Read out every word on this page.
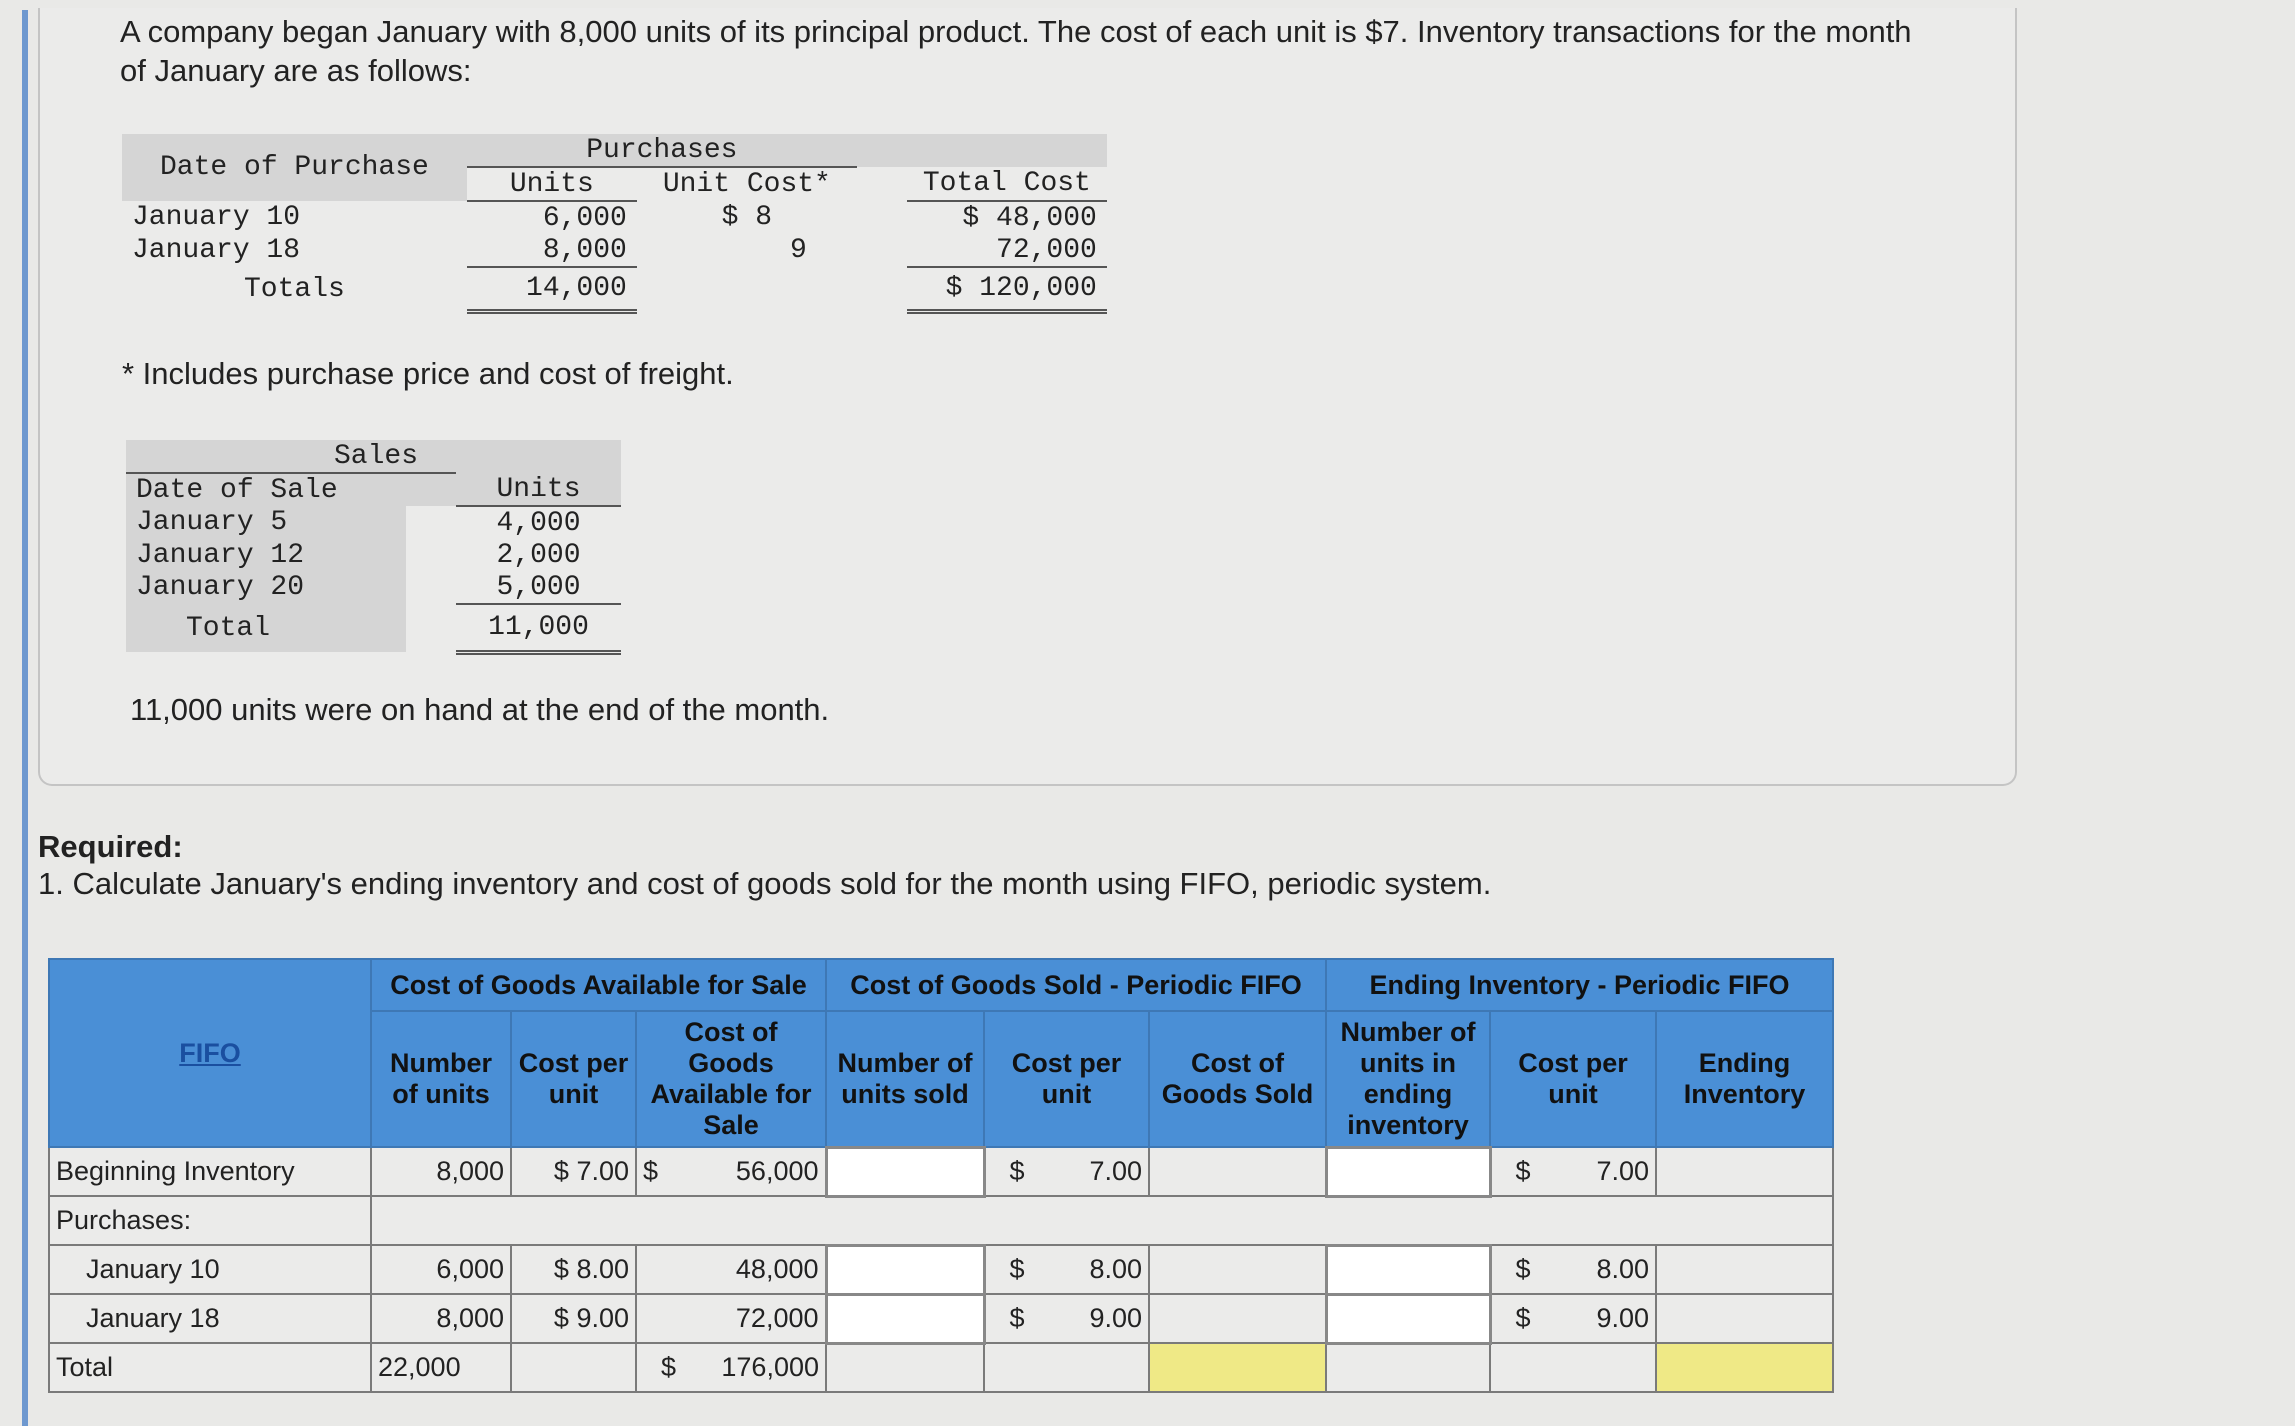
A company began January with 8,000 units of its principal product. The cost of each unit is $7. Inventory transactions for the month of January are as follows:
Date of Purchase	Purchases			
	Units	Unit Cost*		Total Cost
January 10	6,000	$ 8		$ 48,000
January 18	8,000	9		72,000
Totals	14,000			$ 120,000
* Includes purchase price and cost of freight.
Sales		
Date of Sale		Units
January 5		4,000
January 12		2,000
January 20		5,000
Total		11,000
11,000 units were on hand at the end of the month.
Required:
1. Calculate January's ending inventory and cost of goods sold for the month using FIFO, periodic system.
FIFO	Cost of Goods Available for Sale			Cost of Goods Sold - Periodic FIFO			Ending Inventory - Periodic FIFO		
	Number of units	Cost per unit	Cost of Goods Available for Sale	Number of units sold	Cost per unit	Cost of Goods Sold	Number of units in ending inventory	Cost per unit	Ending Inventory
Beginning Inventory	8,000	$ 7.00	$ 56,000		$ 7.00			$ 7.00	

Purchases:									
January 10	6,000	$ 8.00	48,000		$ 8.00			$ 8.00	

January 18	8,000	$ 9.00	72,000		$ 9.00			$ 9.00	

Total	22,000		$ 176,000						
